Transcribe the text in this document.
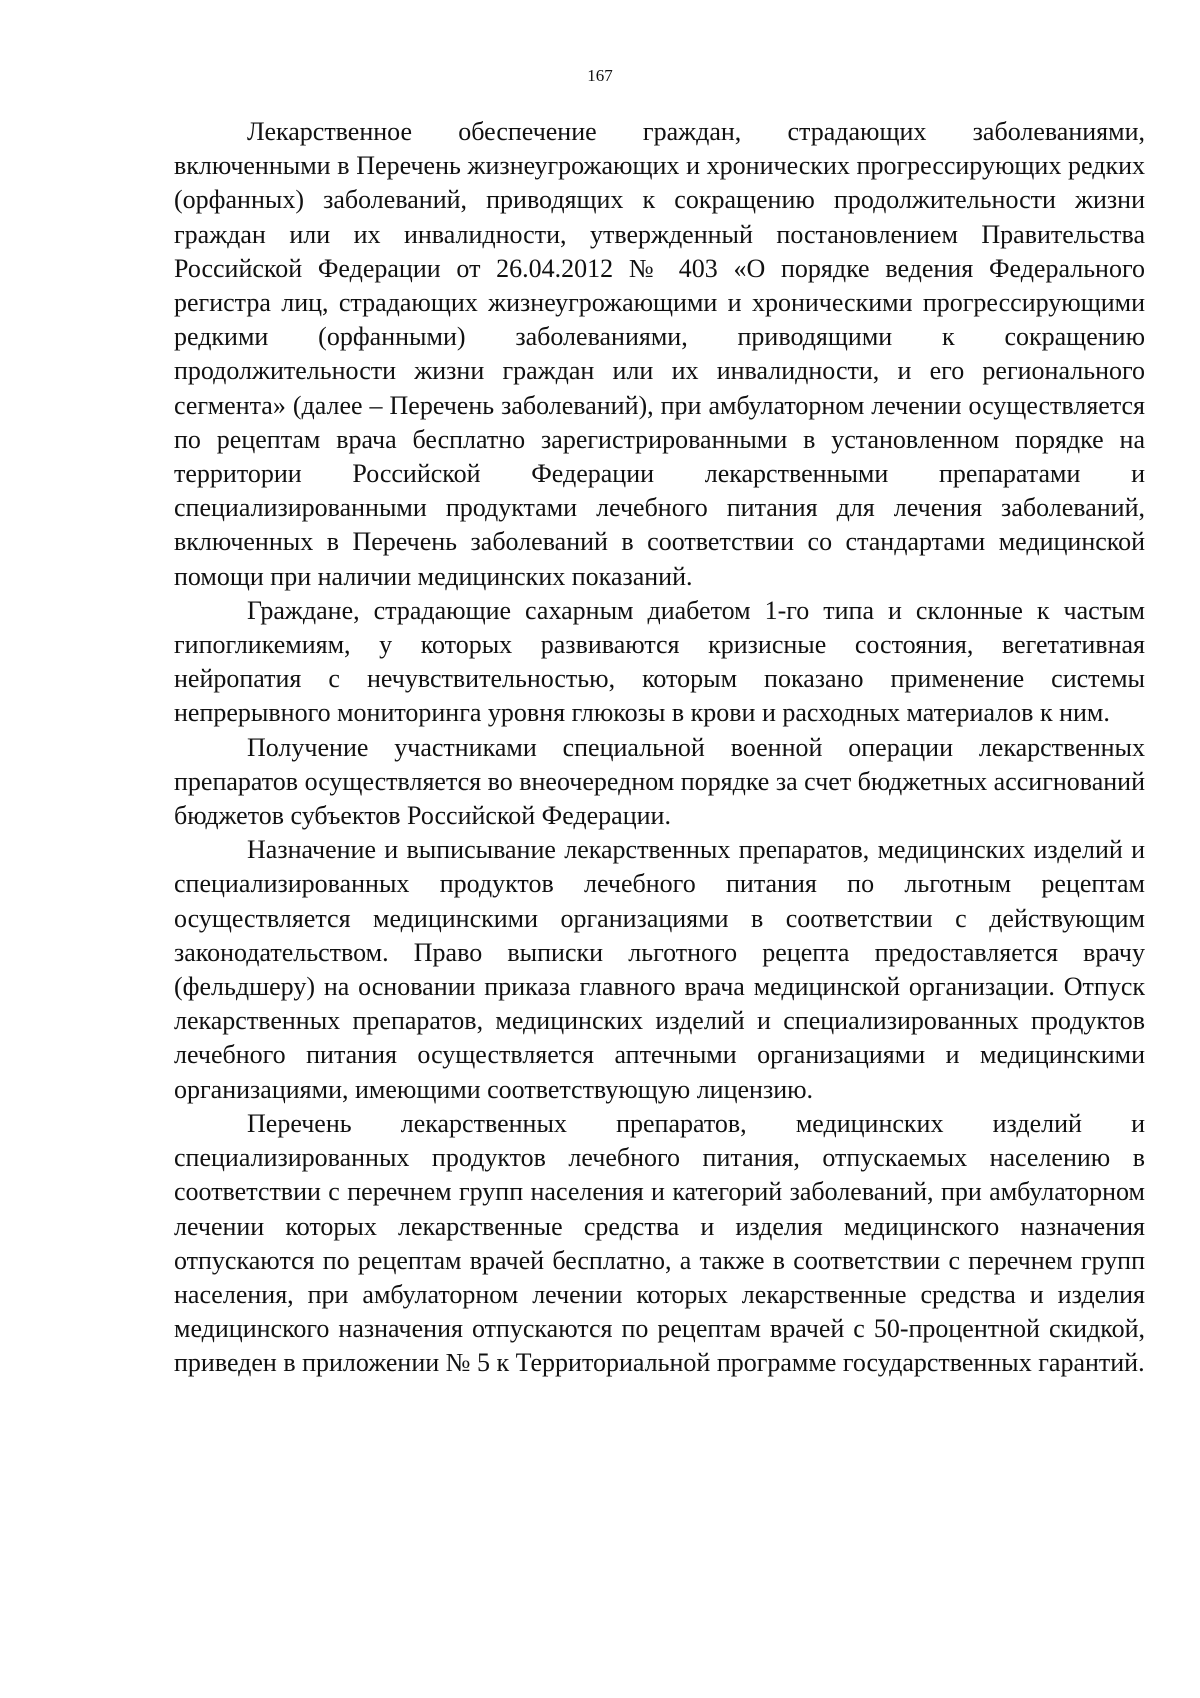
167

Лекарственное обеспечение граждан, страдающих заболеваниями, включенными в Перечень жизнеугрожающих и хронических прогрессирующих редких (орфанных) заболеваний, приводящих к сокращению продолжительности жизни граждан или их инвалидности, утвержденный постановлением Правительства Российской Федерации от 26.04.2012 № 403 «О порядке ведения Федерального регистра лиц, страдающих жизнеугрожающими и хроническими прогрессирующими редкими (орфанными) заболеваниями, приводящими к сокращению продолжительности жизни граждан или их инвалидности, и его регионального сегмента» (далее – Перечень заболеваний), при амбулаторном лечении осуществляется по рецептам врача бесплатно зарегистрированными в установленном порядке на территории Российской Федерации лекарственными препаратами и специализированными продуктами лечебного питания для лечения заболеваний, включенных в Перечень заболеваний в соответствии со стандартами медицинской помощи при наличии медицинских показаний.

Граждане, страдающие сахарным диабетом 1-го типа и склонные к частым гипогликемиям, у которых развиваются кризисные состояния, вегетативная нейропатия с нечувствительностью, которым показано применение системы непрерывного мониторинга уровня глюкозы в крови и расходных материалов к ним.

Получение участниками специальной военной операции лекарственных препаратов осуществляется во внеочередном порядке за счет бюджетных ассигнований бюджетов субъектов Российской Федерации.

Назначение и выписывание лекарственных препаратов, медицинских изделий и специализированных продуктов лечебного питания по льготным рецептам осуществляется медицинскими организациями в соответствии с действующим законодательством. Право выписки льготного рецепта предоставляется врачу (фельдшеру) на основании приказа главного врача медицинской организации. Отпуск лекарственных препаратов, медицинских изделий и специализированных продуктов лечебного питания осуществляется аптечными организациями и медицинскими организациями, имеющими соответствующую лицензию.

Перечень лекарственных препаратов, медицинских изделий и специализированных продуктов лечебного питания, отпускаемых населению в соответствии с перечнем групп населения и категорий заболеваний, при амбулаторном лечении которых лекарственные средства и изделия медицинского назначения отпускаются по рецептам врачей бесплатно, а также в соответствии с перечнем групп населения, при амбулаторном лечении которых лекарственные средства и изделия медицинского назначения отпускаются по рецептам врачей с 50-процентной скидкой, приведен в приложении № 5 к Территориальной программе государственных гарантий.
